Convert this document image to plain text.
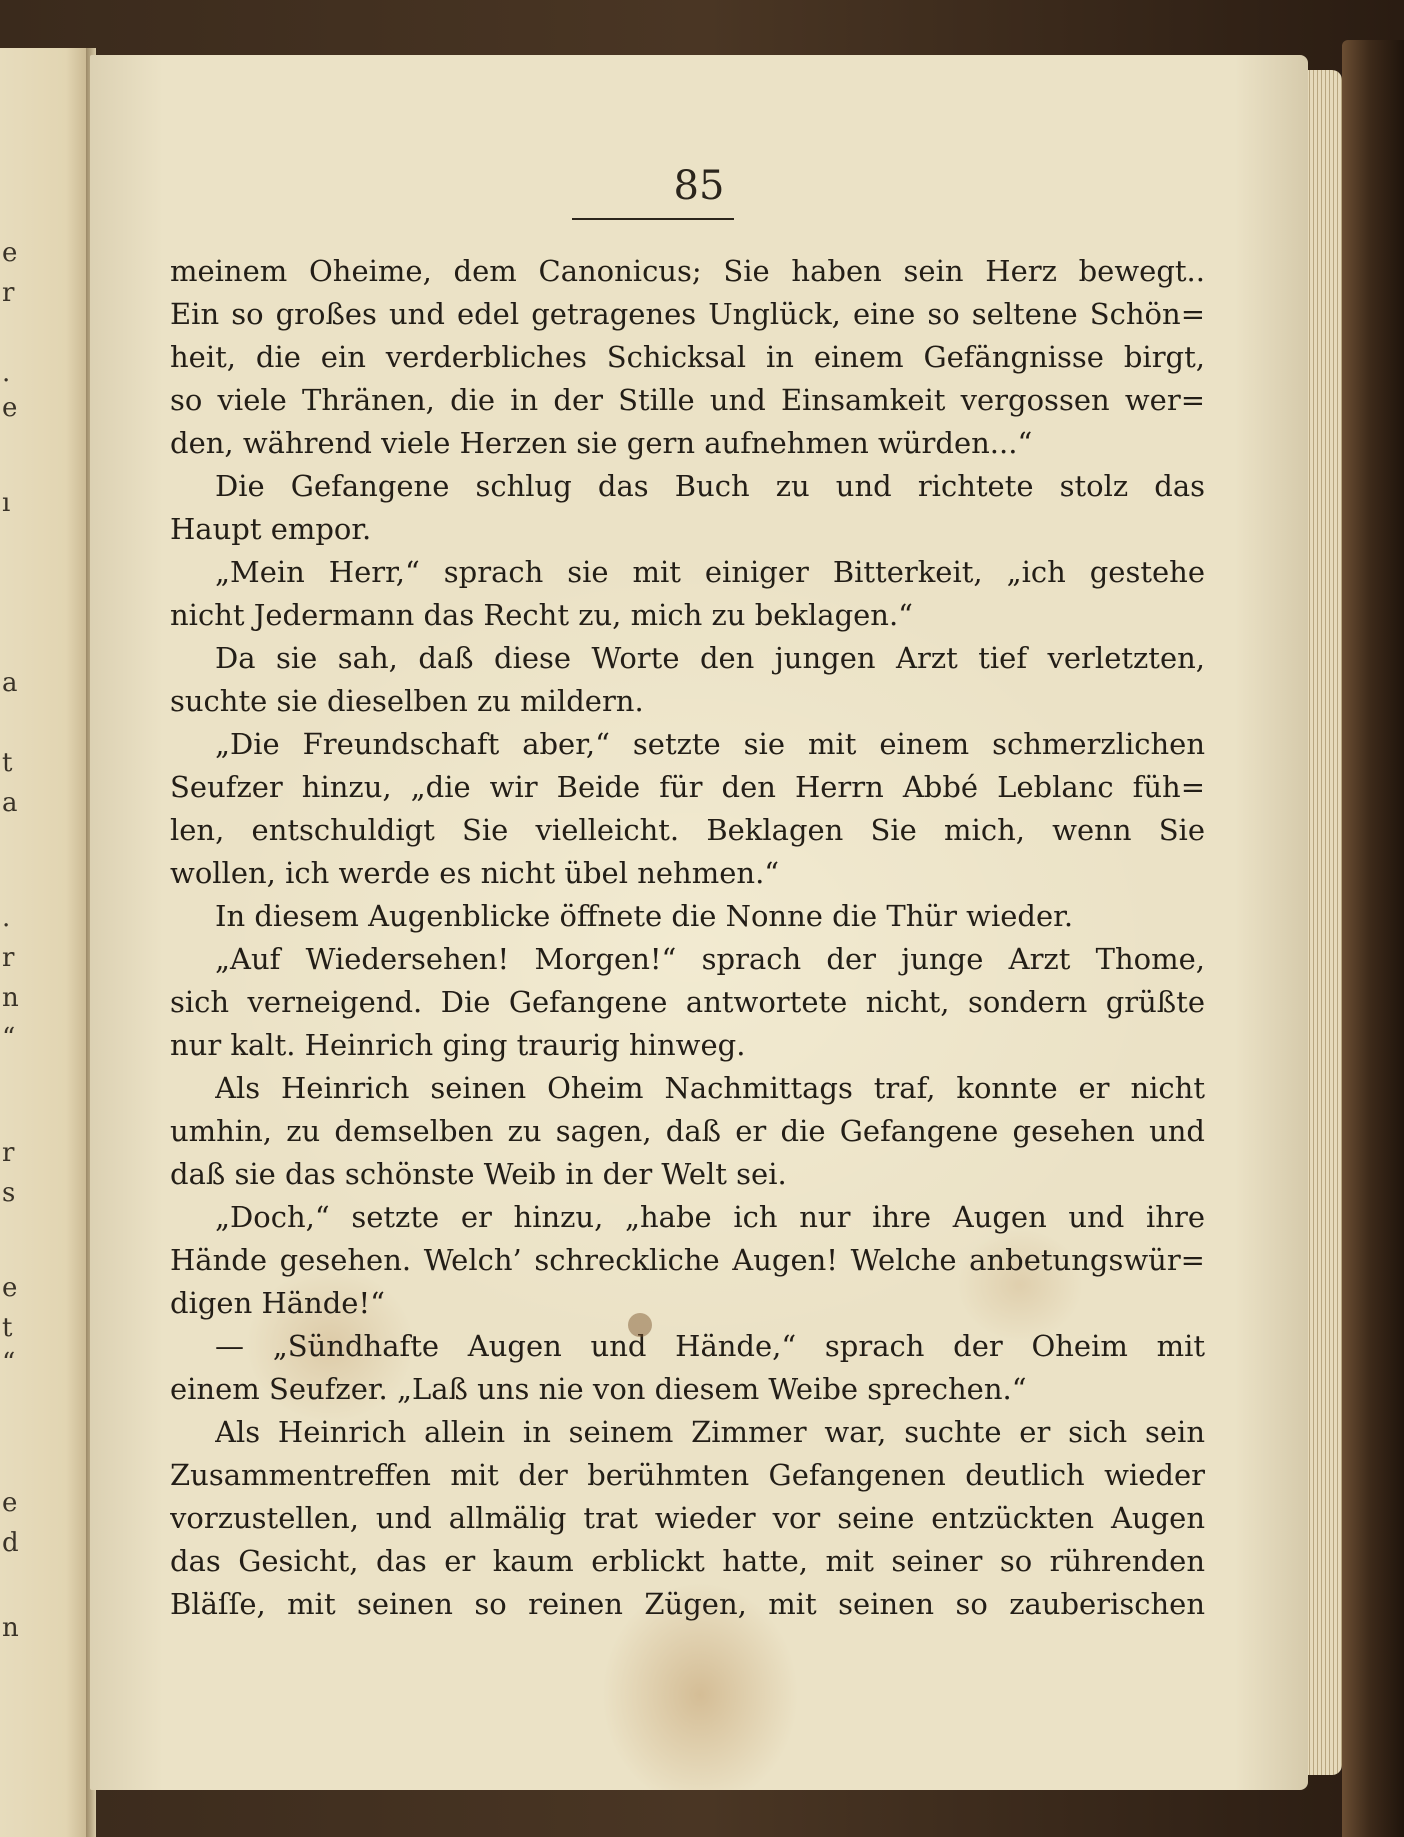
e
r
.
e
ı
a
t
a
.
r
n
“
r
s
e
t
“
e
d
n
85
meinem Oheime, dem Canonicus; Sie haben sein Herz bewegt..
Ein so großes und edel getragenes Unglück, eine so seltene Schön=
heit, die ein verderbliches Schicksal in einem Gefängnisse birgt,
so viele Thränen, die in der Stille und Einsamkeit vergossen wer=
den, während viele Herzen sie gern aufnehmen würden...“
Die Gefangene schlug das Buch zu und richtete stolz das
Haupt empor.
„Mein Herr,“ sprach sie mit einiger Bitterkeit, „ich gestehe
nicht Jedermann das Recht zu, mich zu beklagen.“
Da sie sah, daß diese Worte den jungen Arzt tief verletzten,
suchte sie dieselben zu mildern.
„Die Freundschaft aber,“ setzte sie mit einem schmerzlichen
Seufzer hinzu, „die wir Beide für den Herrn Abbé Leblanc füh=
len, entschuldigt Sie vielleicht. Beklagen Sie mich, wenn Sie
wollen, ich werde es nicht übel nehmen.“
In diesem Augenblicke öffnete die Nonne die Thür wieder.
„Auf Wiedersehen! Morgen!“ sprach der junge Arzt Thome,
sich verneigend. Die Gefangene antwortete nicht, sondern grüßte
nur kalt. Heinrich ging traurig hinweg.
Als Heinrich seinen Oheim Nachmittags traf, konnte er nicht
umhin, zu demselben zu sagen, daß er die Gefangene gesehen und
daß sie das schönste Weib in der Welt sei.
„Doch,“ setzte er hinzu, „habe ich nur ihre Augen und ihre
Hände gesehen. Welch’ schreckliche Augen! Welche anbetungswür=
digen Hände!“
— „Sündhafte Augen und Hände,“ sprach der Oheim mit
einem Seufzer. „Laß uns nie von diesem Weibe sprechen.“
Als Heinrich allein in seinem Zimmer war, suchte er sich sein
Zusammentreffen mit der berühmten Gefangenen deutlich wieder
vorzustellen, und allmälig trat wieder vor seine entzückten Augen
das Gesicht, das er kaum erblickt hatte, mit seiner so rührenden
Bläſſe, mit seinen so reinen Zügen, mit seinen so zauberischen
